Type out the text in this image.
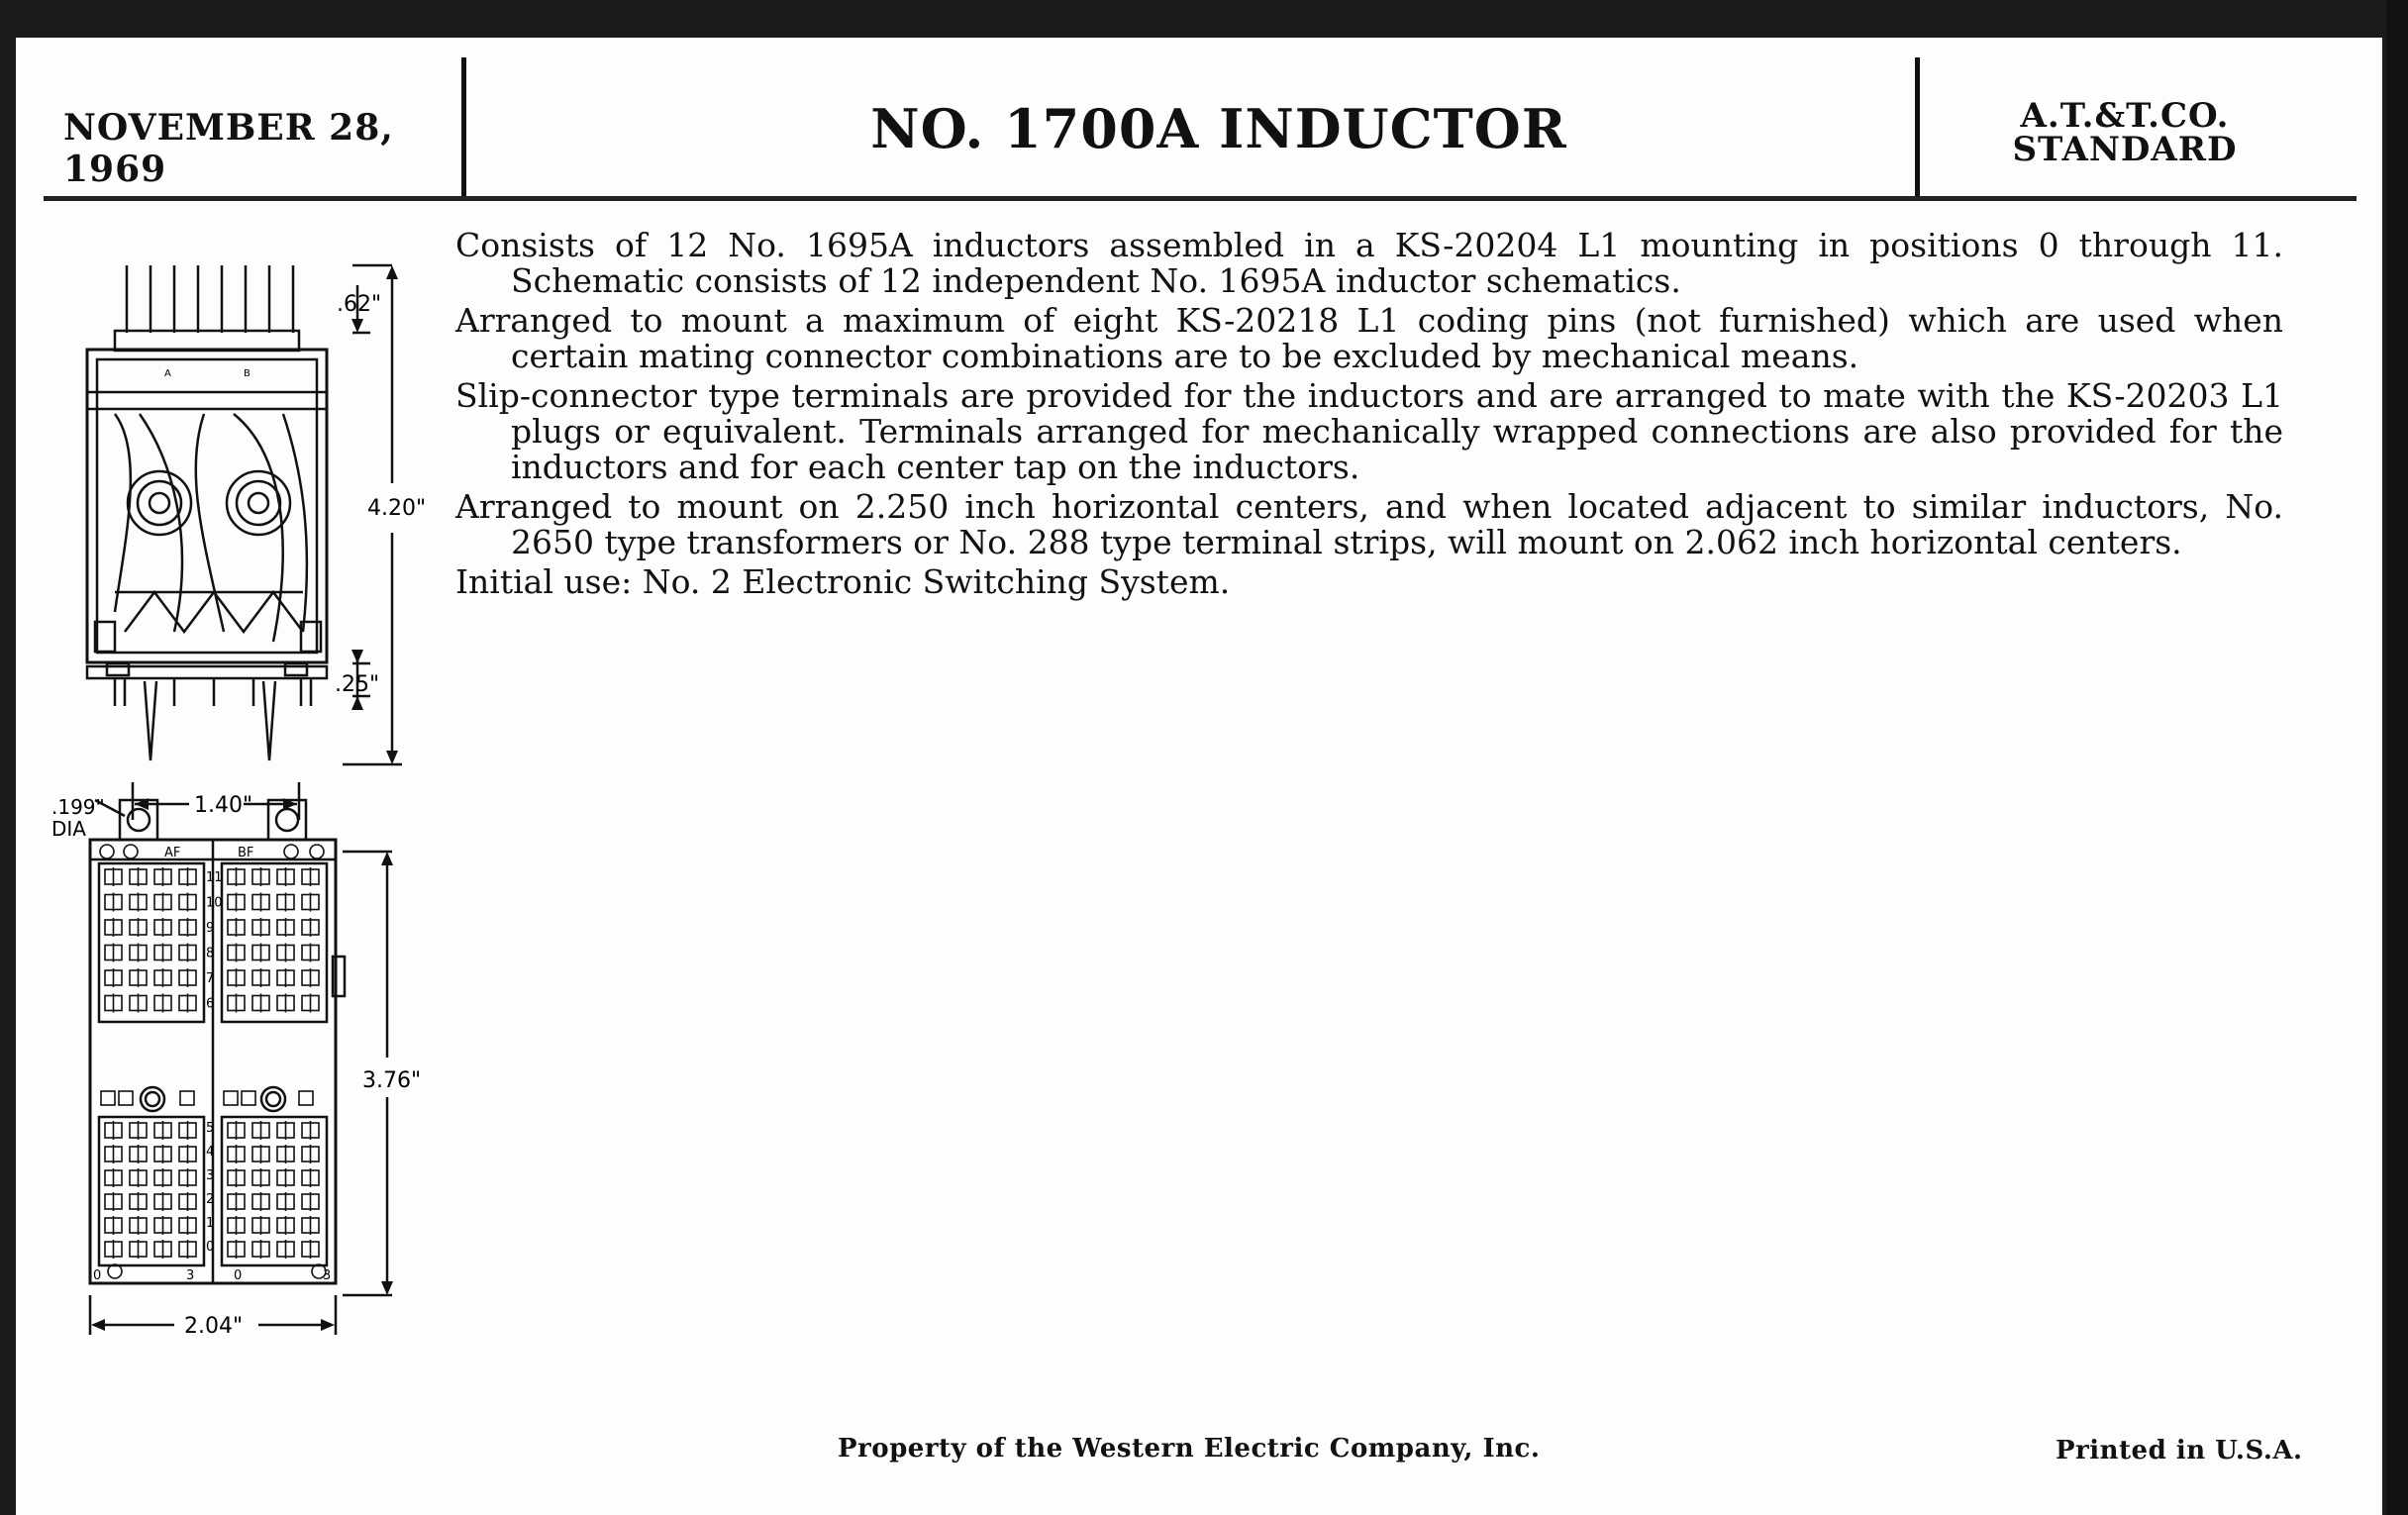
NOVEMBER 28, 1969
NO. 1700A INDUCTOR	A.T.&T.CO.
STANDARD

Consists of 12 No. 1695A inductors assembled in a KS-20204 L1 mounting in positions 0 through 11. Schematic consists of 12 independent No. 1695A inductor schematics.

Arranged to mount a maximum of eight KS-20218 L1 coding pins (not furnished) which are used when certain mating connector combinations are to be excluded by mechanical means.

Slip-connector type terminals are provided for the inductors and are arranged to mate with the KS-20203 L1 plugs or equivalent. Terminals arranged for mechanically wrapped connections are also provided for the inductors and for each center tap on the inductors.

Arranged to mount on 2.250 inch horizontal centers, and when located adjacent to similar inductors, No. 2650 type transformers or No. 288 type terminal strips, will mount on 2.062 inch horizontal centers.

Initial use: No. 2 Electronic Switching System.

.62"
4.20"
.25"
A	B
1.40"
.199"
DIA
3.76"
2.04"
AF	BF
11
10
9
8
7
6
5
4
3
2
1
0
0	3	0	3
Property of the Western Electric Company, Inc.	Printed in U.S.A.
